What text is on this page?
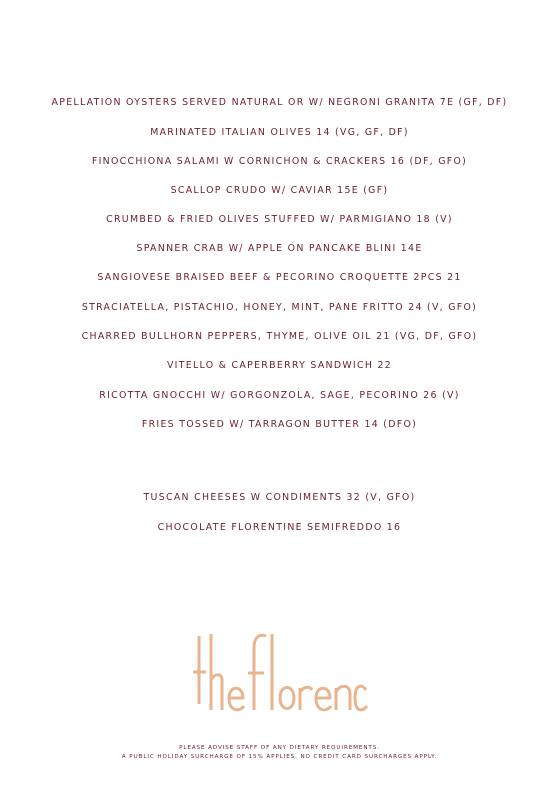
APELLATION OYSTERS SERVED NATURAL OR W/ NEGRONI GRANITA 7E (GF, DF)
MARINATED ITALIAN OLIVES 14 (VG, GF, DF)
FINOCCHIONA SALAMI W CORNICHON & CRACKERS 16 (DF, GFO)
SCALLOP CRUDO W/ CAVIAR 15E (GF)
CRUMBED & FRIED OLIVES STUFFED W/ PARMIGIANO 18 (V)
SPANNER CRAB W/ APPLE ON PANCAKE BLINI 14E
SANGIOVESE BRAISED BEEF & PECORINO CROQUETTE 2PCS 21
STRACIATELLA, PISTACHIO, HONEY, MINT, PANE FRITTO 24 (V, GFO)
CHARRED BULLHORN PEPPERS, THYME, OLIVE OIL 21 (VG, DF, GFO)
VITELLO & CAPERBERRY SANDWICH 22
RICOTTA GNOCCHI W/ GORGONZOLA, SAGE, PECORINO 26 (V)
FRIES TOSSED W/ TARRAGON BUTTER 14 (DFO)
TUSCAN CHEESES W CONDIMENTS 32 (V, GFO)
CHOCOLATE FLORENTINE SEMIFREDDO 16
PLEASE ADVISE STAFF OF ANY DIETARY REQUIREMENTS.
A PUBLIC HOLIDAY SURCHARGE OF 15% APPLIES. NO CREDIT CARD SURCHARGES APPLY.
